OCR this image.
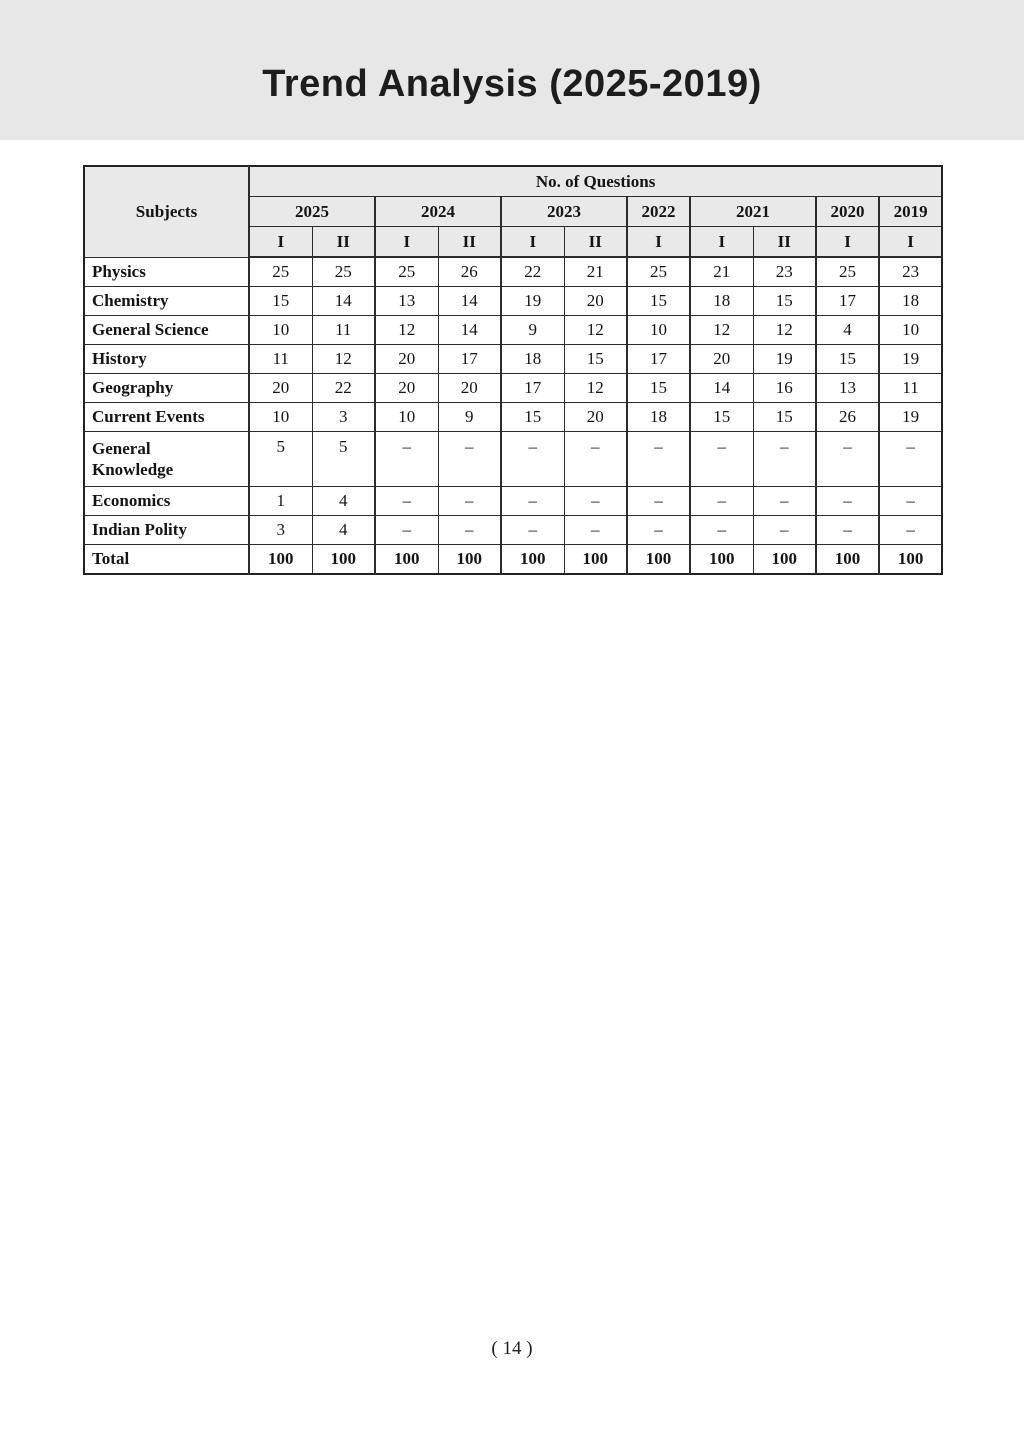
Trend Analysis (2025-2019)
Subjects	No. of Questions										
	2025		2024		2023		2022	2021		2020	2019
	I	II	I	II	I	II	I	I	II	I	I
Physics	25	25	25	26	22	21	25	21	23	25	23
Chemistry	15	14	13	14	19	20	15	18	15	17	18
General Science	10	11	12	14	9	12	10	12	12	4	10
History	11	12	20	17	18	15	17	20	19	15	19
Geography	20	22	20	20	17	12	15	14	16	13	11
Current Events	10	3	10	9	15	20	18	15	15	26	19
General Knowledge	5	5	–	–	–	–	–	–	–	–	–
Economics	1	4	–	–	–	–	–	–	–	–	–
Indian Polity	3	4	–	–	–	–	–	–	–	–	–
Total	100	100	100	100	100	100	100	100	100	100	100
( 14 )
